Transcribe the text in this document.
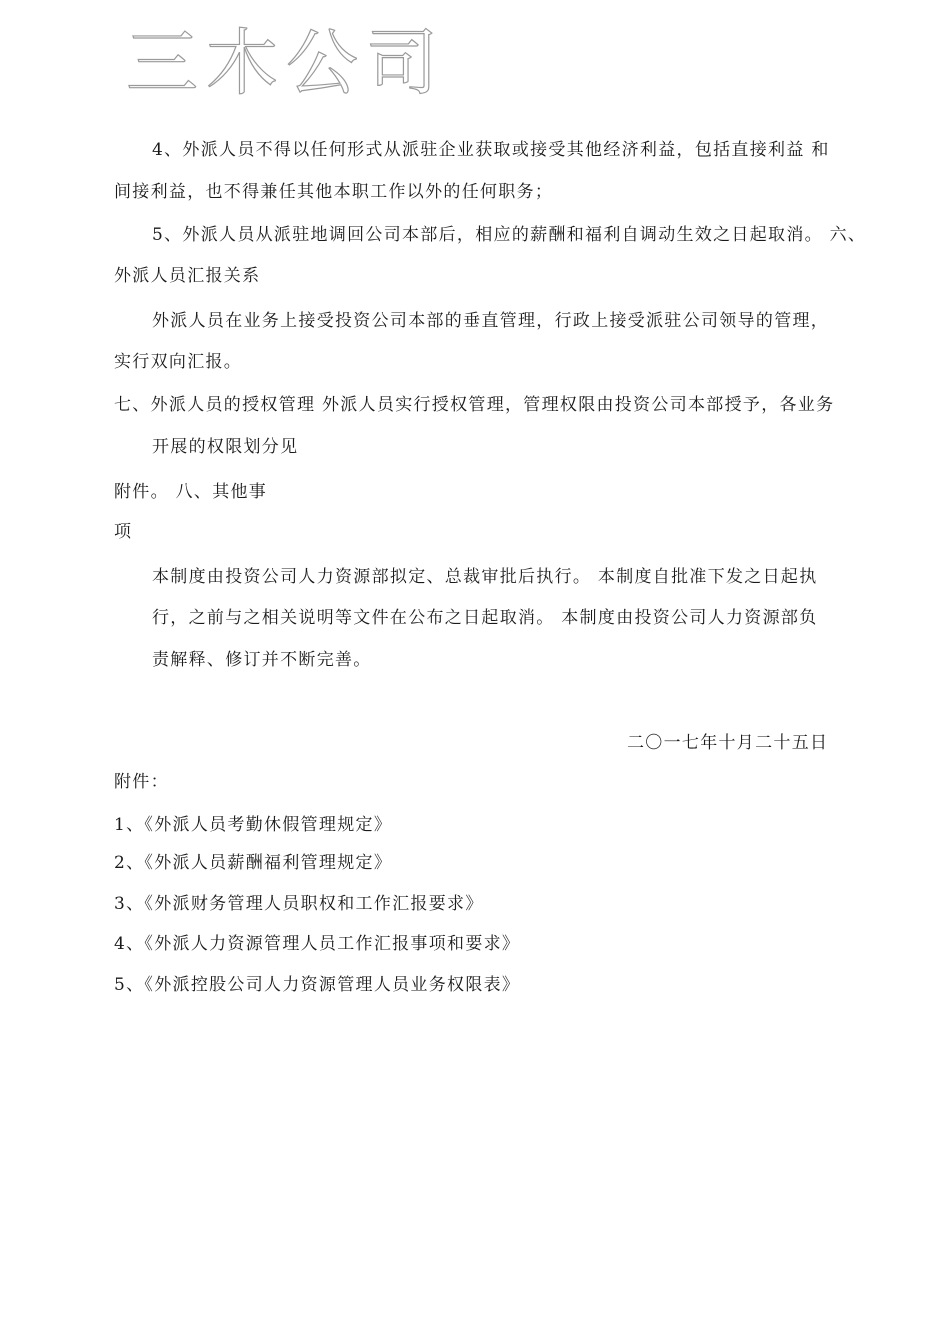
三木公司
4、外派人员不得以任何形式从派驻企业获取或接受其他经济利益，包括直接利益 和
间接利益，也不得兼任其他本职工作以外的任何职务；
5、外派人员从派驻地调回公司本部后，相应的薪酬和福利自调动生效之日起取消。 六、
外派人员汇报关系
外派人员在业务上接受投资公司本部的垂直管理，行政上接受派驻公司领导的管理，
实行双向汇报。
七、外派人员的授权管理 外派人员实行授权管理，管理权限由投资公司本部授予，各业务
开展的权限划分见
附件。 八、其他事
项
本制度由投资公司人力资源部拟定、总裁审批后执行。 本制度自批准下发之日起执
行，之前与之相关说明等文件在公布之日起取消。 本制度由投资公司人力资源部负
责解释、修订并不断完善。
二〇一七年十月二十五日
附件：
1、《外派人员考勤休假管理规定》
2、《外派人员薪酬福利管理规定》
3、《外派财务管理人员职权和工作汇报要求》
4、《外派人力资源管理人员工作汇报事项和要求》
5、《外派控股公司人力资源管理人员业务权限表》
